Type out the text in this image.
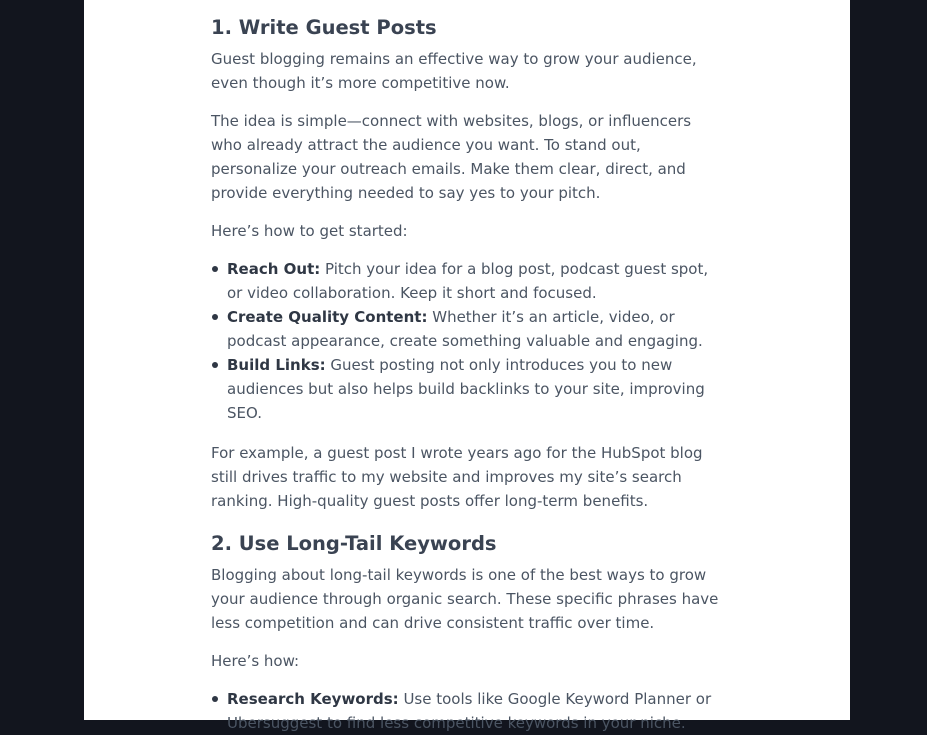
1. Write Guest Posts

Guest blogging remains an effective way to grow your audience, even though it’s more competitive now.

The idea is simple—connect with websites, blogs, or influencers who already attract the audience you want. To stand out, personalize your outreach emails. Make them clear, direct, and provide everything needed to say yes to your pitch.

Here’s how to get started:

Reach Out: Pitch your idea for a blog post, podcast guest spot, or video collaboration. Keep it short and focused.
Create Quality Content: Whether it’s an article, video, or podcast appearance, create something valuable and engaging.
Build Links: Guest posting not only introduces you to new audiences but also helps build backlinks to your site, improving SEO.

For example, a guest post I wrote years ago for the HubSpot blog still drives traffic to my website and improves my site’s search ranking. High-quality guest posts offer long-term benefits.

2. Use Long-Tail Keywords

Blogging about long-tail keywords is one of the best ways to grow your audience through organic search. These specific phrases have less competition and can drive consistent traffic over time.

Here’s how:

Research Keywords: Use tools like Google Keyword Planner or Ubersuggest to find less competitive keywords in your niche.
